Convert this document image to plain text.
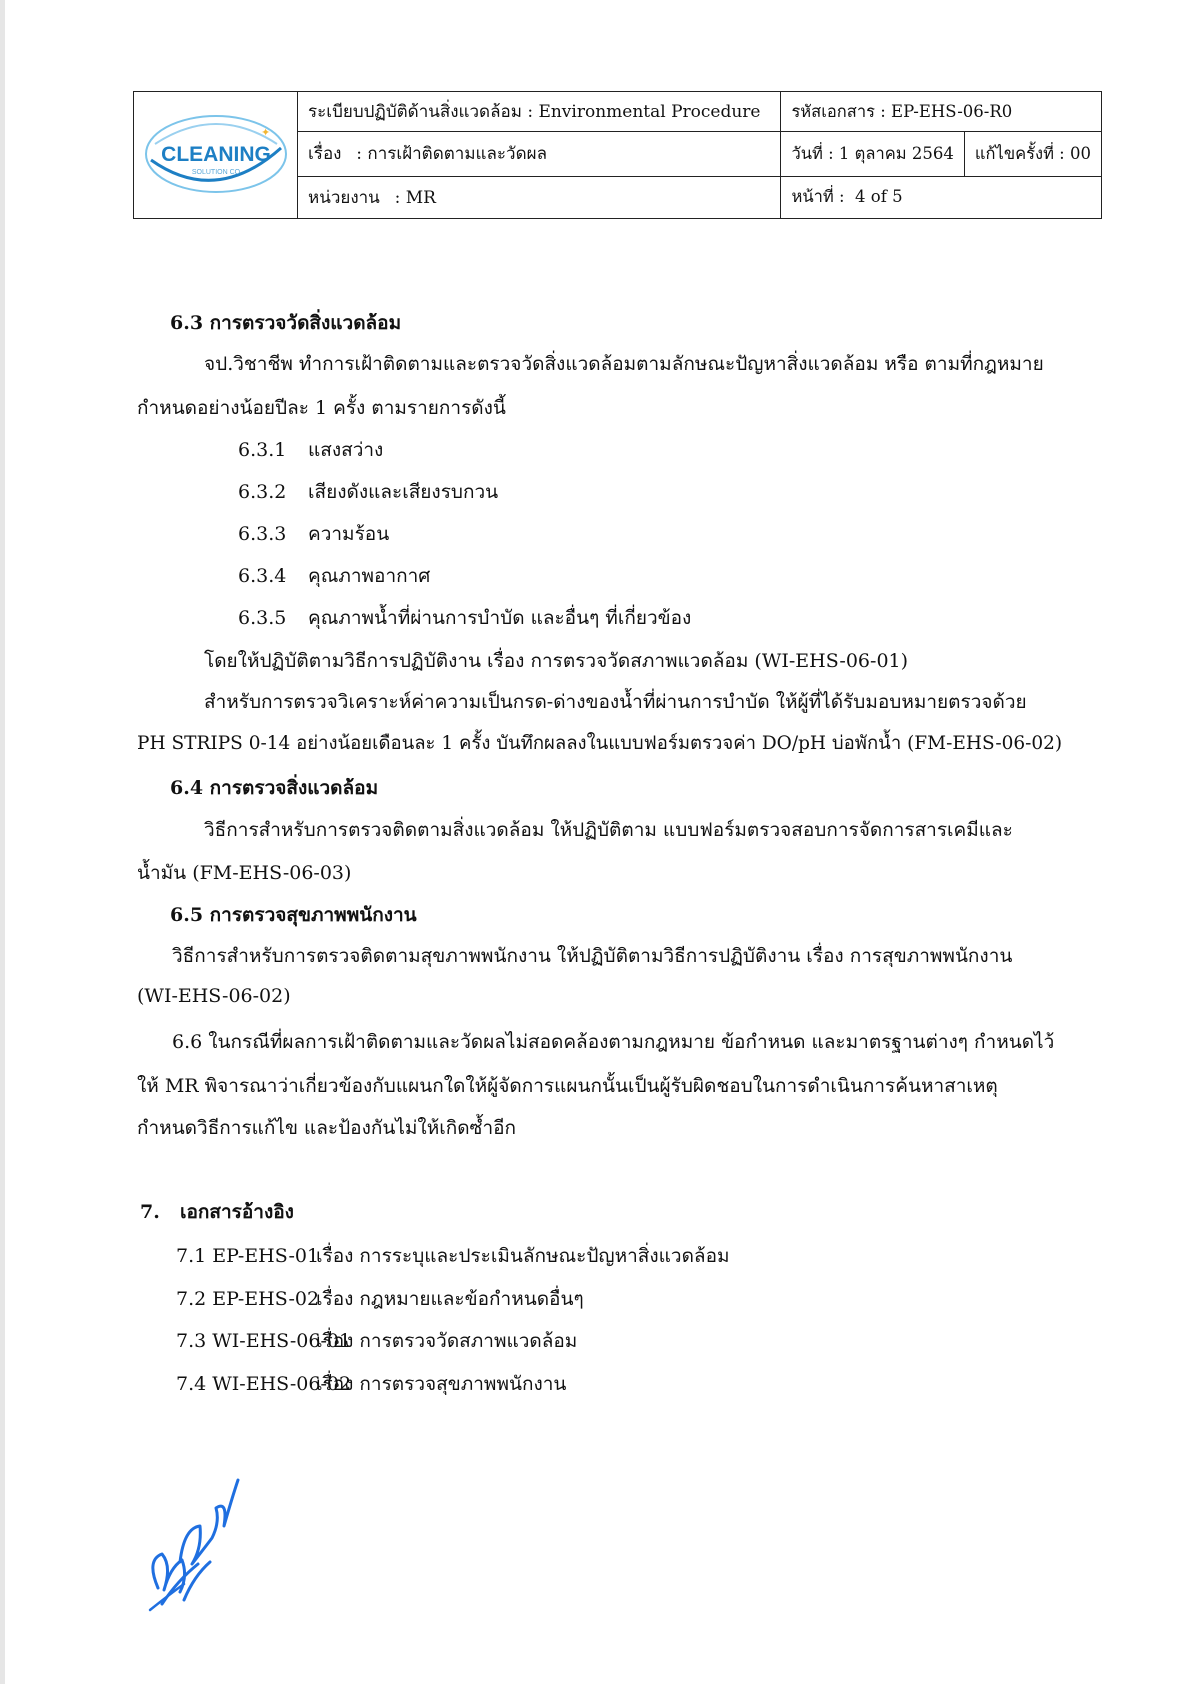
CLEANING
SOLUTION CO
✦	ระเบียบปฏิบัติด้านสิ่งแวดล้อม : Environmental Procedure	รหัสเอกสาร : EP-EHS-06-R0	
	เรื่อง : การเฝ้าติดตามและวัดผล	วันที่ : 1 ตุลาคม 2564	แก้ไขครั้งที่ : 00
	หน่วยงาน : MR	หน้าที่ : 4 of 5	
6.3 การตรวจวัดสิ่งแวดล้อม
จป.วิชาชีพ ทำการเฝ้าติดตามและตรวจวัดสิ่งแวดล้อมตามลักษณะปัญหาสิ่งแวดล้อม หรือ ตามที่กฎหมาย
กำหนดอย่างน้อยปีละ 1 ครั้ง ตามรายการดังนี้
6.3.1 แสงสว่าง
6.3.2 เสียงดังและเสียงรบกวน
6.3.3 ความร้อน
6.3.4 คุณภาพอากาศ
6.3.5 คุณภาพน้ำที่ผ่านการบำบัด และอื่นๆ ที่เกี่ยวข้อง
โดยให้ปฏิบัติตามวิธีการปฏิบัติงาน เรื่อง การตรวจวัดสภาพแวดล้อม (WI-EHS-06-01)
สำหรับการตรวจวิเคราะห์ค่าความเป็นกรด-ด่างของน้ำที่ผ่านการบำบัด ให้ผู้ที่ได้รับมอบหมายตรวจด้วย
PH STRIPS 0-14 อย่างน้อยเดือนละ 1 ครั้ง บันทึกผลลงในแบบฟอร์มตรวจค่า DO/pH บ่อพักน้ำ (FM-EHS-06-02)
6.4 การตรวจสิ่งแวดล้อม
วิธีการสำหรับการตรวจติดตามสิ่งแวดล้อม ให้ปฏิบัติตาม แบบฟอร์มตรวจสอบการจัดการสารเคมีและ
น้ำมัน (FM-EHS-06-03)
6.5 การตรวจสุขภาพพนักงาน
วิธีการสำหรับการตรวจติดตามสุขภาพพนักงาน ให้ปฏิบัติตามวิธีการปฏิบัติงาน เรื่อง การสุขภาพพนักงาน
(WI-EHS-06-02)
6.6 ในกรณีที่ผลการเฝ้าติดตามและวัดผลไม่สอดคล้องตามกฎหมาย ข้อกำหนด และมาตรฐานต่างๆ กำหนดไว้
ให้ MR พิจารณาว่าเกี่ยวข้องกับแผนกใดให้ผู้จัดการแผนกนั้นเป็นผู้รับผิดชอบในการดำเนินการค้นหาสาเหตุ
กำหนดวิธีการแก้ไข และป้องกันไม่ให้เกิดซ้ำอีก
7. เอกสารอ้างอิง
7.1 EP-EHS-01เรื่อง การระบุและประเมินลักษณะปัญหาสิ่งแวดล้อม
7.2 EP-EHS-02เรื่อง กฎหมายและข้อกำหนดอื่นๆ
7.3 WI-EHS-06-01เรื่อง การตรวจวัดสภาพแวดล้อม
7.4 WI-EHS-06-02เรื่อง การตรวจสุขภาพพนักงาน
